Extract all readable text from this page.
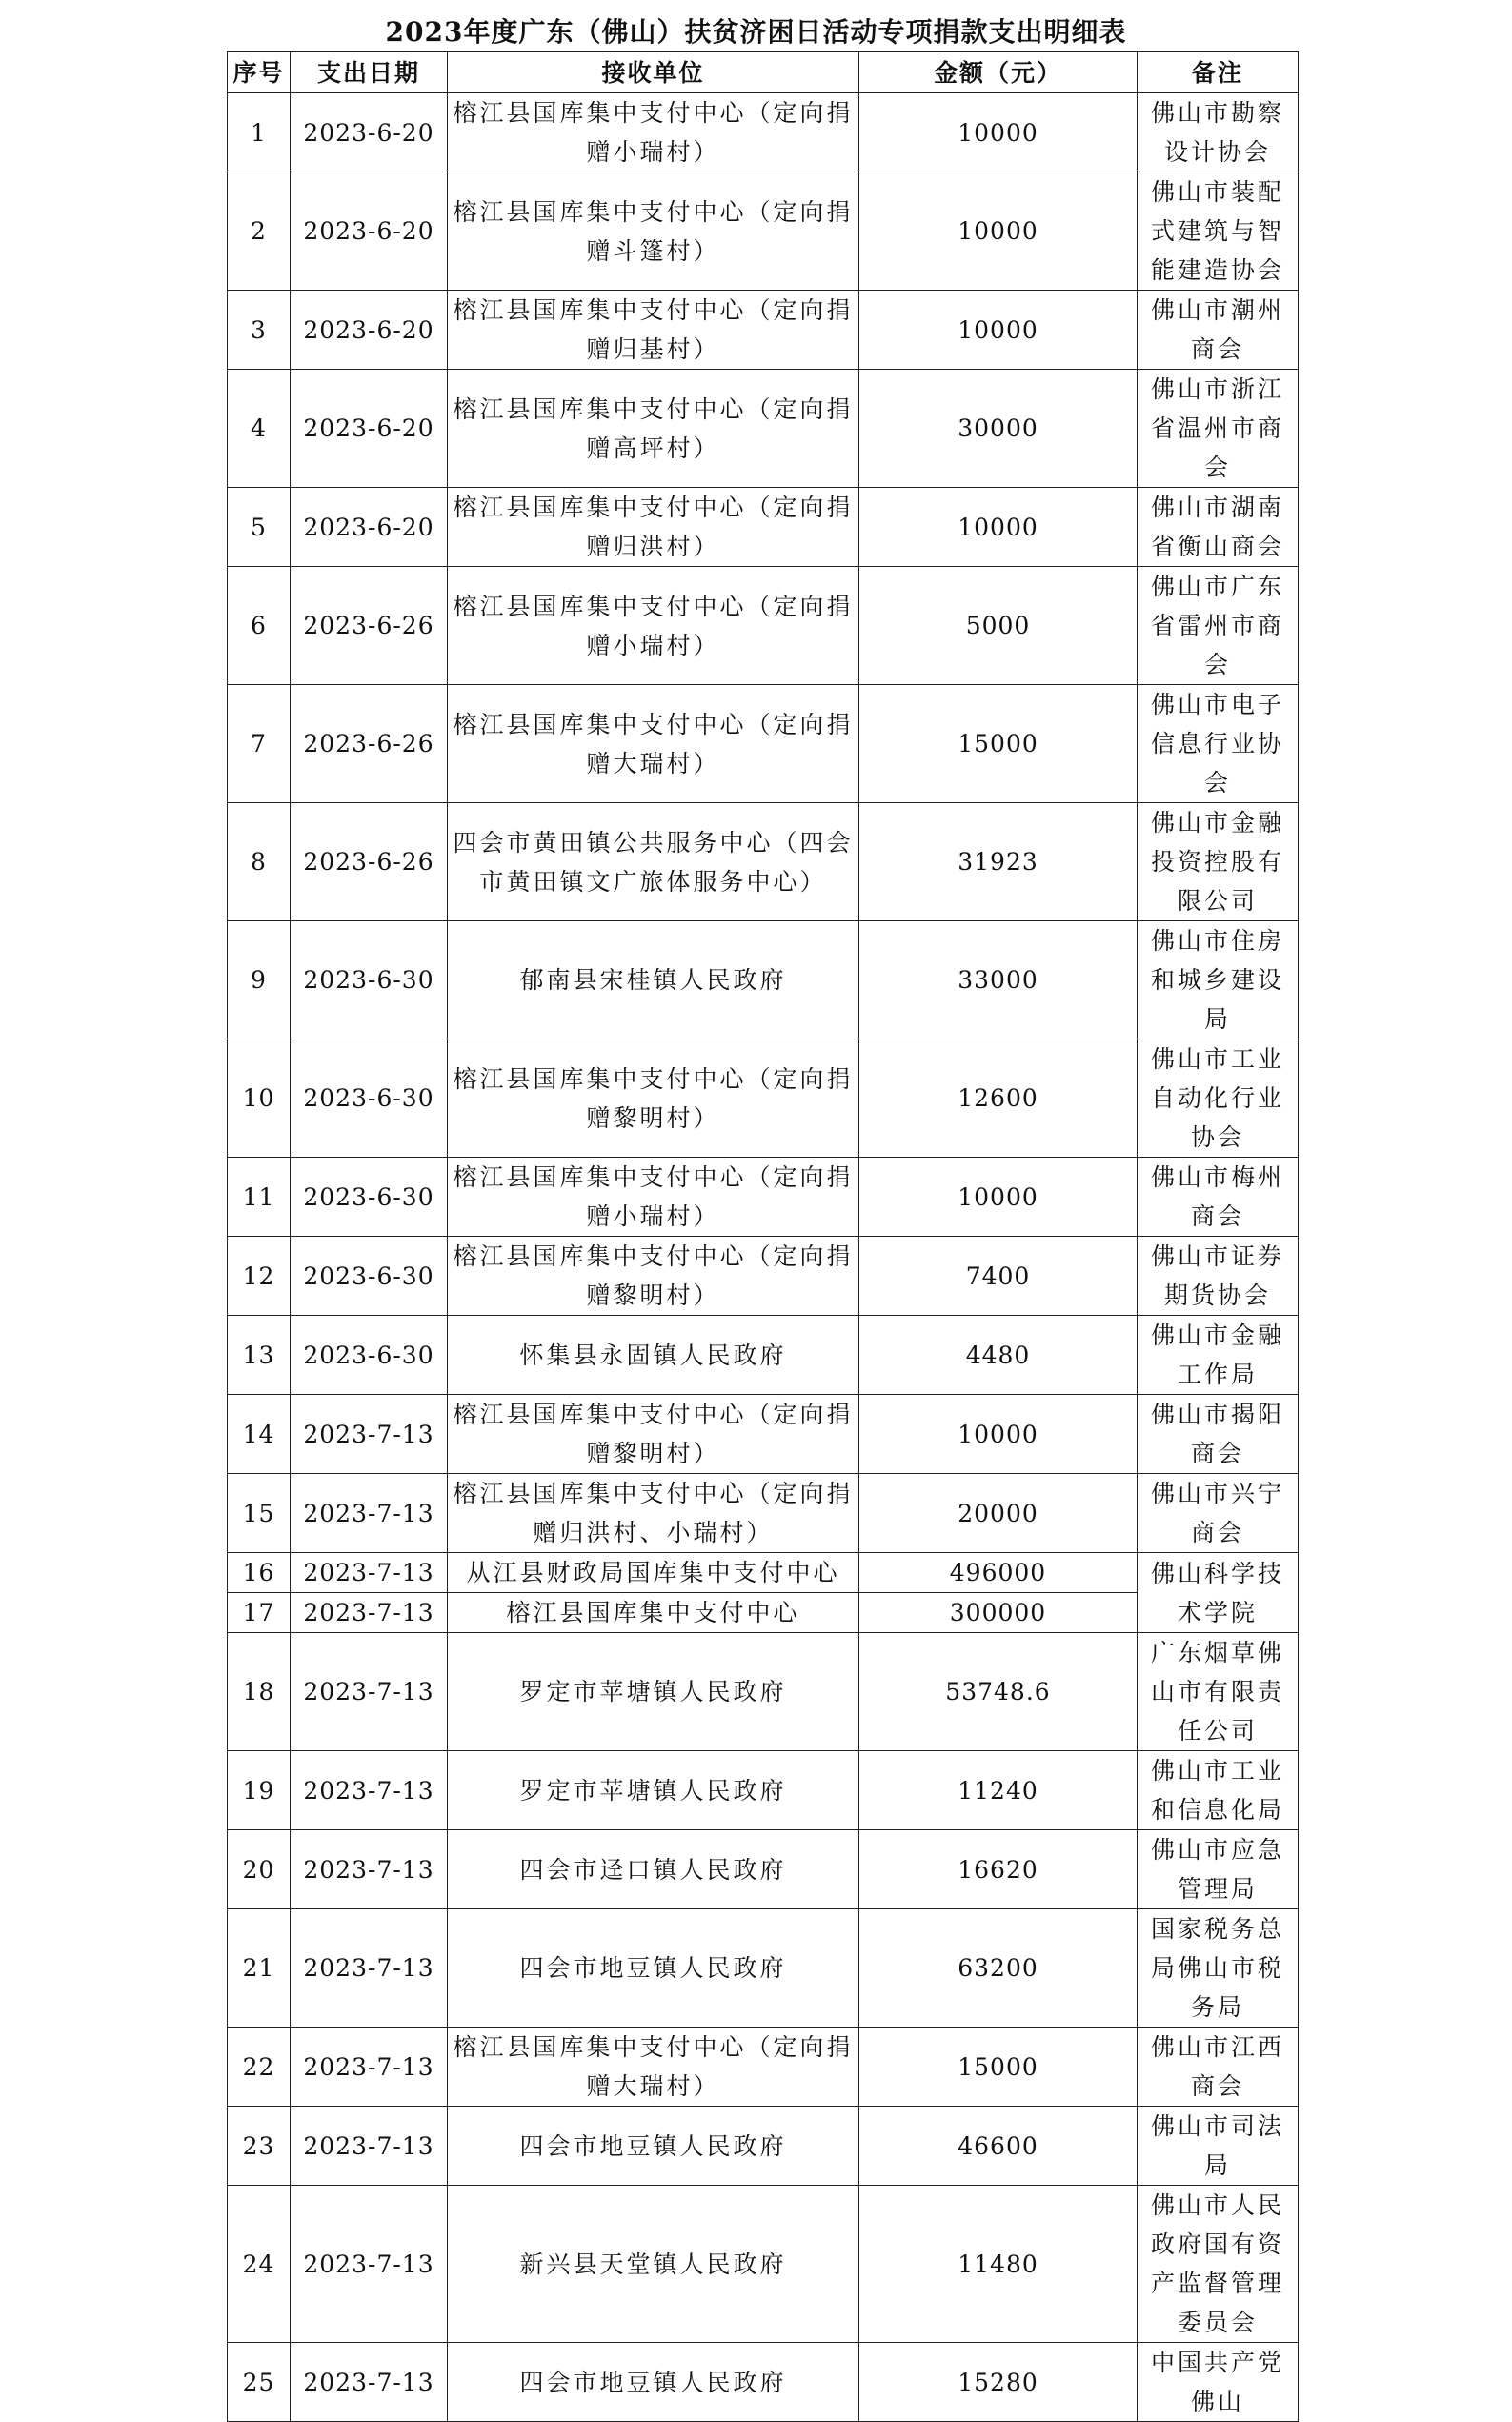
2023年度广东（佛山）扶贫济困日活动专项捐款支出明细表
序号	支出日期	接收单位	金额（元）	备注
1	2023-6-20	榕江县国库集中支付中心（定向捐赠小瑞村）	10000	佛山市勘察设计协会
2	2023-6-20	榕江县国库集中支付中心（定向捐赠斗篷村）	10000	佛山市装配式建筑与智能建造协会
3	2023-6-20	榕江县国库集中支付中心（定向捐赠归基村）	10000	佛山市潮州商会
4	2023-6-20	榕江县国库集中支付中心（定向捐赠高坪村）	30000	佛山市浙江省温州市商会
5	2023-6-20	榕江县国库集中支付中心（定向捐赠归洪村）	10000	佛山市湖南省衡山商会
6	2023-6-26	榕江县国库集中支付中心（定向捐赠小瑞村）	5000	佛山市广东省雷州市商会
7	2023-6-26	榕江县国库集中支付中心（定向捐赠大瑞村）	15000	佛山市电子信息行业协会
8	2023-6-26	四会市黄田镇公共服务中心（四会市黄田镇文广旅体服务中心）	31923	佛山市金融投资控股有限公司
9	2023-6-30	郁南县宋桂镇人民政府	33000	佛山市住房和城乡建设局
10	2023-6-30	榕江县国库集中支付中心（定向捐赠黎明村）	12600	佛山市工业自动化行业协会
11	2023-6-30	榕江县国库集中支付中心（定向捐赠小瑞村）	10000	佛山市梅州商会
12	2023-6-30	榕江县国库集中支付中心（定向捐赠黎明村）	7400	佛山市证券期货协会
13	2023-6-30	怀集县永固镇人民政府	4480	佛山市金融工作局
14	2023-7-13	榕江县国库集中支付中心（定向捐赠黎明村）	10000	佛山市揭阳商会
15	2023-7-13	榕江县国库集中支付中心（定向捐赠归洪村、小瑞村）	20000	佛山市兴宁商会
16	2023-7-13	从江县财政局国库集中支付中心	496000	佛山科学技术学院
17	2023-7-13	榕江县国库集中支付中心	300000	
18	2023-7-13	罗定市苹塘镇人民政府	53748.6	广东烟草佛山市有限责任公司
19	2023-7-13	罗定市苹塘镇人民政府	11240	佛山市工业和信息化局
20	2023-7-13	四会市迳口镇人民政府	16620	佛山市应急管理局
21	2023-7-13	四会市地豆镇人民政府	63200	国家税务总局佛山市税务局
22	2023-7-13	榕江县国库集中支付中心（定向捐赠大瑞村）	15000	佛山市江西商会
23	2023-7-13	四会市地豆镇人民政府	46600	佛山市司法局
24	2023-7-13	新兴县天堂镇人民政府	11480	佛山市人民政府国有资产监督管理委员会
25	2023-7-13	四会市地豆镇人民政府	15280	中国共产党佛山
